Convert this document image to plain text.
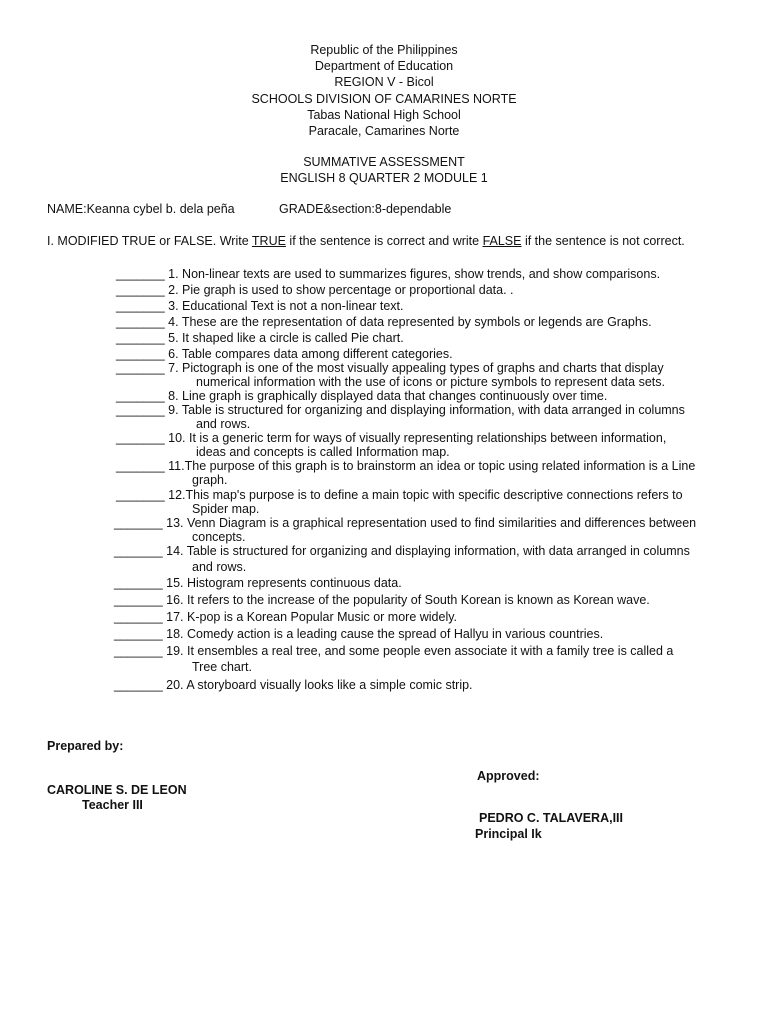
Republic of the Philippines
Department of Education
REGION V - Bicol
SCHOOLS DIVISION OF CAMARINES NORTE
Tabas National High School
Paracale, Camarines Norte
SUMMATIVE ASSESSMENT
ENGLISH 8 QUARTER 2 MODULE 1
NAME:Keanna cybel b. dela peña	GRADE&section:8-dependable
I. MODIFIED TRUE or FALSE. Write TRUE if the sentence is correct and write FALSE if the sentence is not correct.
_______ 1. Non-linear texts are used to summarizes figures, show trends, and show comparisons.
_______ 2. Pie graph is used to show percentage or proportional data. .
_______ 3. Educational Text is not a non-linear text.
_______ 4. These are the representation of data represented by symbols or legends are Graphs.
_______ 5. It shaped like a circle is called Pie chart.
_______ 6. Table compares data among different categories.
_______ 7. Pictograph is one of the most visually appealing types of graphs and charts that display
numerical information with the use of icons or picture symbols to represent data sets.
_______ 8. Line graph is graphically displayed data that changes continuously over time.
_______ 9. Table is structured for organizing and displaying information, with data arranged in columns
and rows.
_______ 10. It is a generic term for ways of visually representing relationships between information,
ideas and concepts is called Information map.
_______ 11.The purpose of this graph is to brainstorm an idea or topic using related information is a Line
graph.
_______ 12.This map's purpose is to define a main topic with specific descriptive connections refers to
Spider map.
_______ 13. Venn Diagram is a graphical representation used to find similarities and differences between
concepts.
_______ 14. Table is structured for organizing and displaying information, with data arranged in columns
and rows.
_______ 15. Histogram represents continuous data.
_______ 16. It refers to the increase of the popularity of South Korean is known as Korean wave.
_______ 17. K-pop is a Korean Popular Music or more widely.
_______ 18. Comedy action is a leading cause the spread of Hallyu in various countries.
_______ 19. It ensembles a real tree, and some people even associate it with a family tree is called a
Tree chart.
_______ 20. A storyboard visually looks like a simple comic strip.
Prepared by:
Approved:
CAROLINE S. DE LEON
Teacher III
PEDRO C. TALAVERA,III
Principal Ik
